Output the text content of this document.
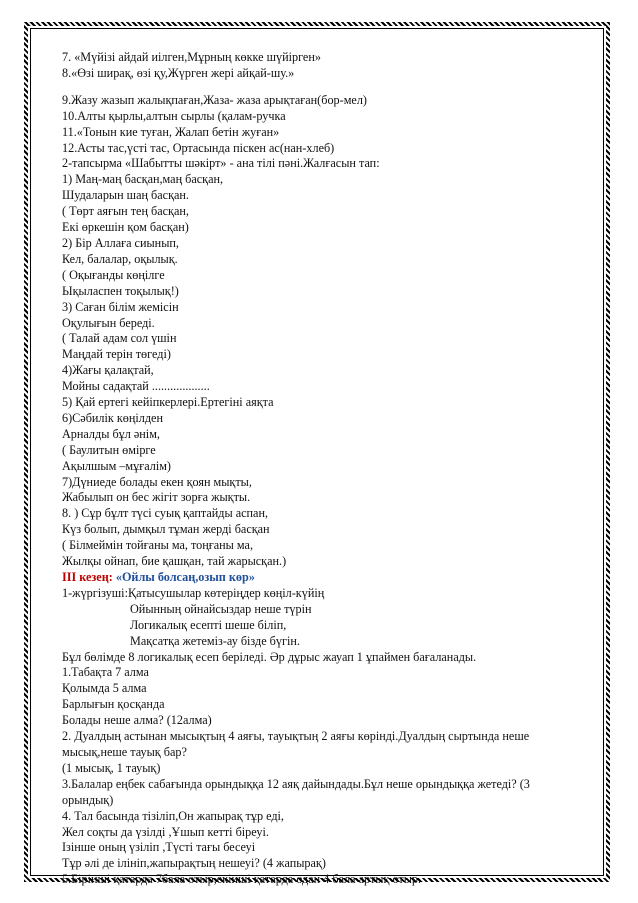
7. «Мүйізі айдай иілген,Мұрның көкке шүйірген»
8.«Өзі ширақ, өзі қу,Жүрген жері айқай-шу.»
9.Жазу жазып жалықпаған,Жаза- жаза арықтаған(бор-мел)
10.Алты қырлы,алтын сырлы (қалам-ручка
11.«Тонын киe туған, Жалап бетін жуған»
12.Асты тас,үсті тас, Ортасында піскен ас(нан-хлеб)
2-тапсырма «Шабытты шәкірт» - ана тілі пәні.Жалғасын тап:
1) Маң-маң басқан,маң басқан,
Шудаларын шаң басқан.
( Төрт аяғын тең басқан,
Екі өркешін қом басқан)
2) Бір Аллаға сиынып,
Кел, балалар, оқылық.
( Оқығанды көңілге
Ықыласпен тоқылық!)
3) Саған білім жемісін
Оқулығын береді.
( Талай адам сол үшін
Маңдай терін төгеді)
4)Жағы қалақтай,
Мойны садақтай ...................
5) Қай ертегі кейіпкерлері.Ертегіні аяқта
6)Сәбилік көңілден
Арналды бұл әнім,
( Баулитын өмірге
Ақылшым –мұғалім)
7)Дүниеде болады екен қоян мықты,
Жабылып он бес жігіт зорға жықты.
8. ) Сұр бұлт түсі суық қаптайды аспан,
Күз болып, дымқыл тұман жерді басқан
( Білмеймін тойғаны ма, тоңғаны ма,
Жылқы ойнап, бие қашқан, тай жарысқан.)
ІІІ кезең: «Ойлы болсаң,озып көр»
1-жүргізуші:Қатысушылар көтеріңдер көңіл-күйің
Ойынның ойнайсыздар неше түрін
Логикалық есепті шеше біліп,
Мақсатқа жетеміз-ау бізде бүгін.
Бұл бөлімде 8 логикалық есеп беріледі. Әр дұрыс жауап 1 ұпаймен бағаланады.
1.Табақта 7 алма
Қолымда 5 алма
Барлығын қосқанда
Болады неше алма? (12алма)
2. Дуалдың астынан мысықтың 4 аяғы, тауықтың 2 аяғы көрінді.Дуалдың сыртында неше мысық,неше тауық бар?
(1 мысық, 1 тауық)
3.Балалар еңбек сабағында орындыққа 12 аяқ дайындады.Бұл неше орындыққа жетеді? (3 орындық)
4. Тал басында тізіліп,Он жапырақ тұр еді,
Жел соқты да үзілді ,Ұшып кетті біреуі.
Ізінше оның үзіліп ,Түсті тағы бесеуі
Тұр әлі де ілініп,жапырақтың нешеуі? (4 жапырақ)
5.Бірінші қатарда 7бала отыр,екінші қатарда одан 4 бала артық отыр.
